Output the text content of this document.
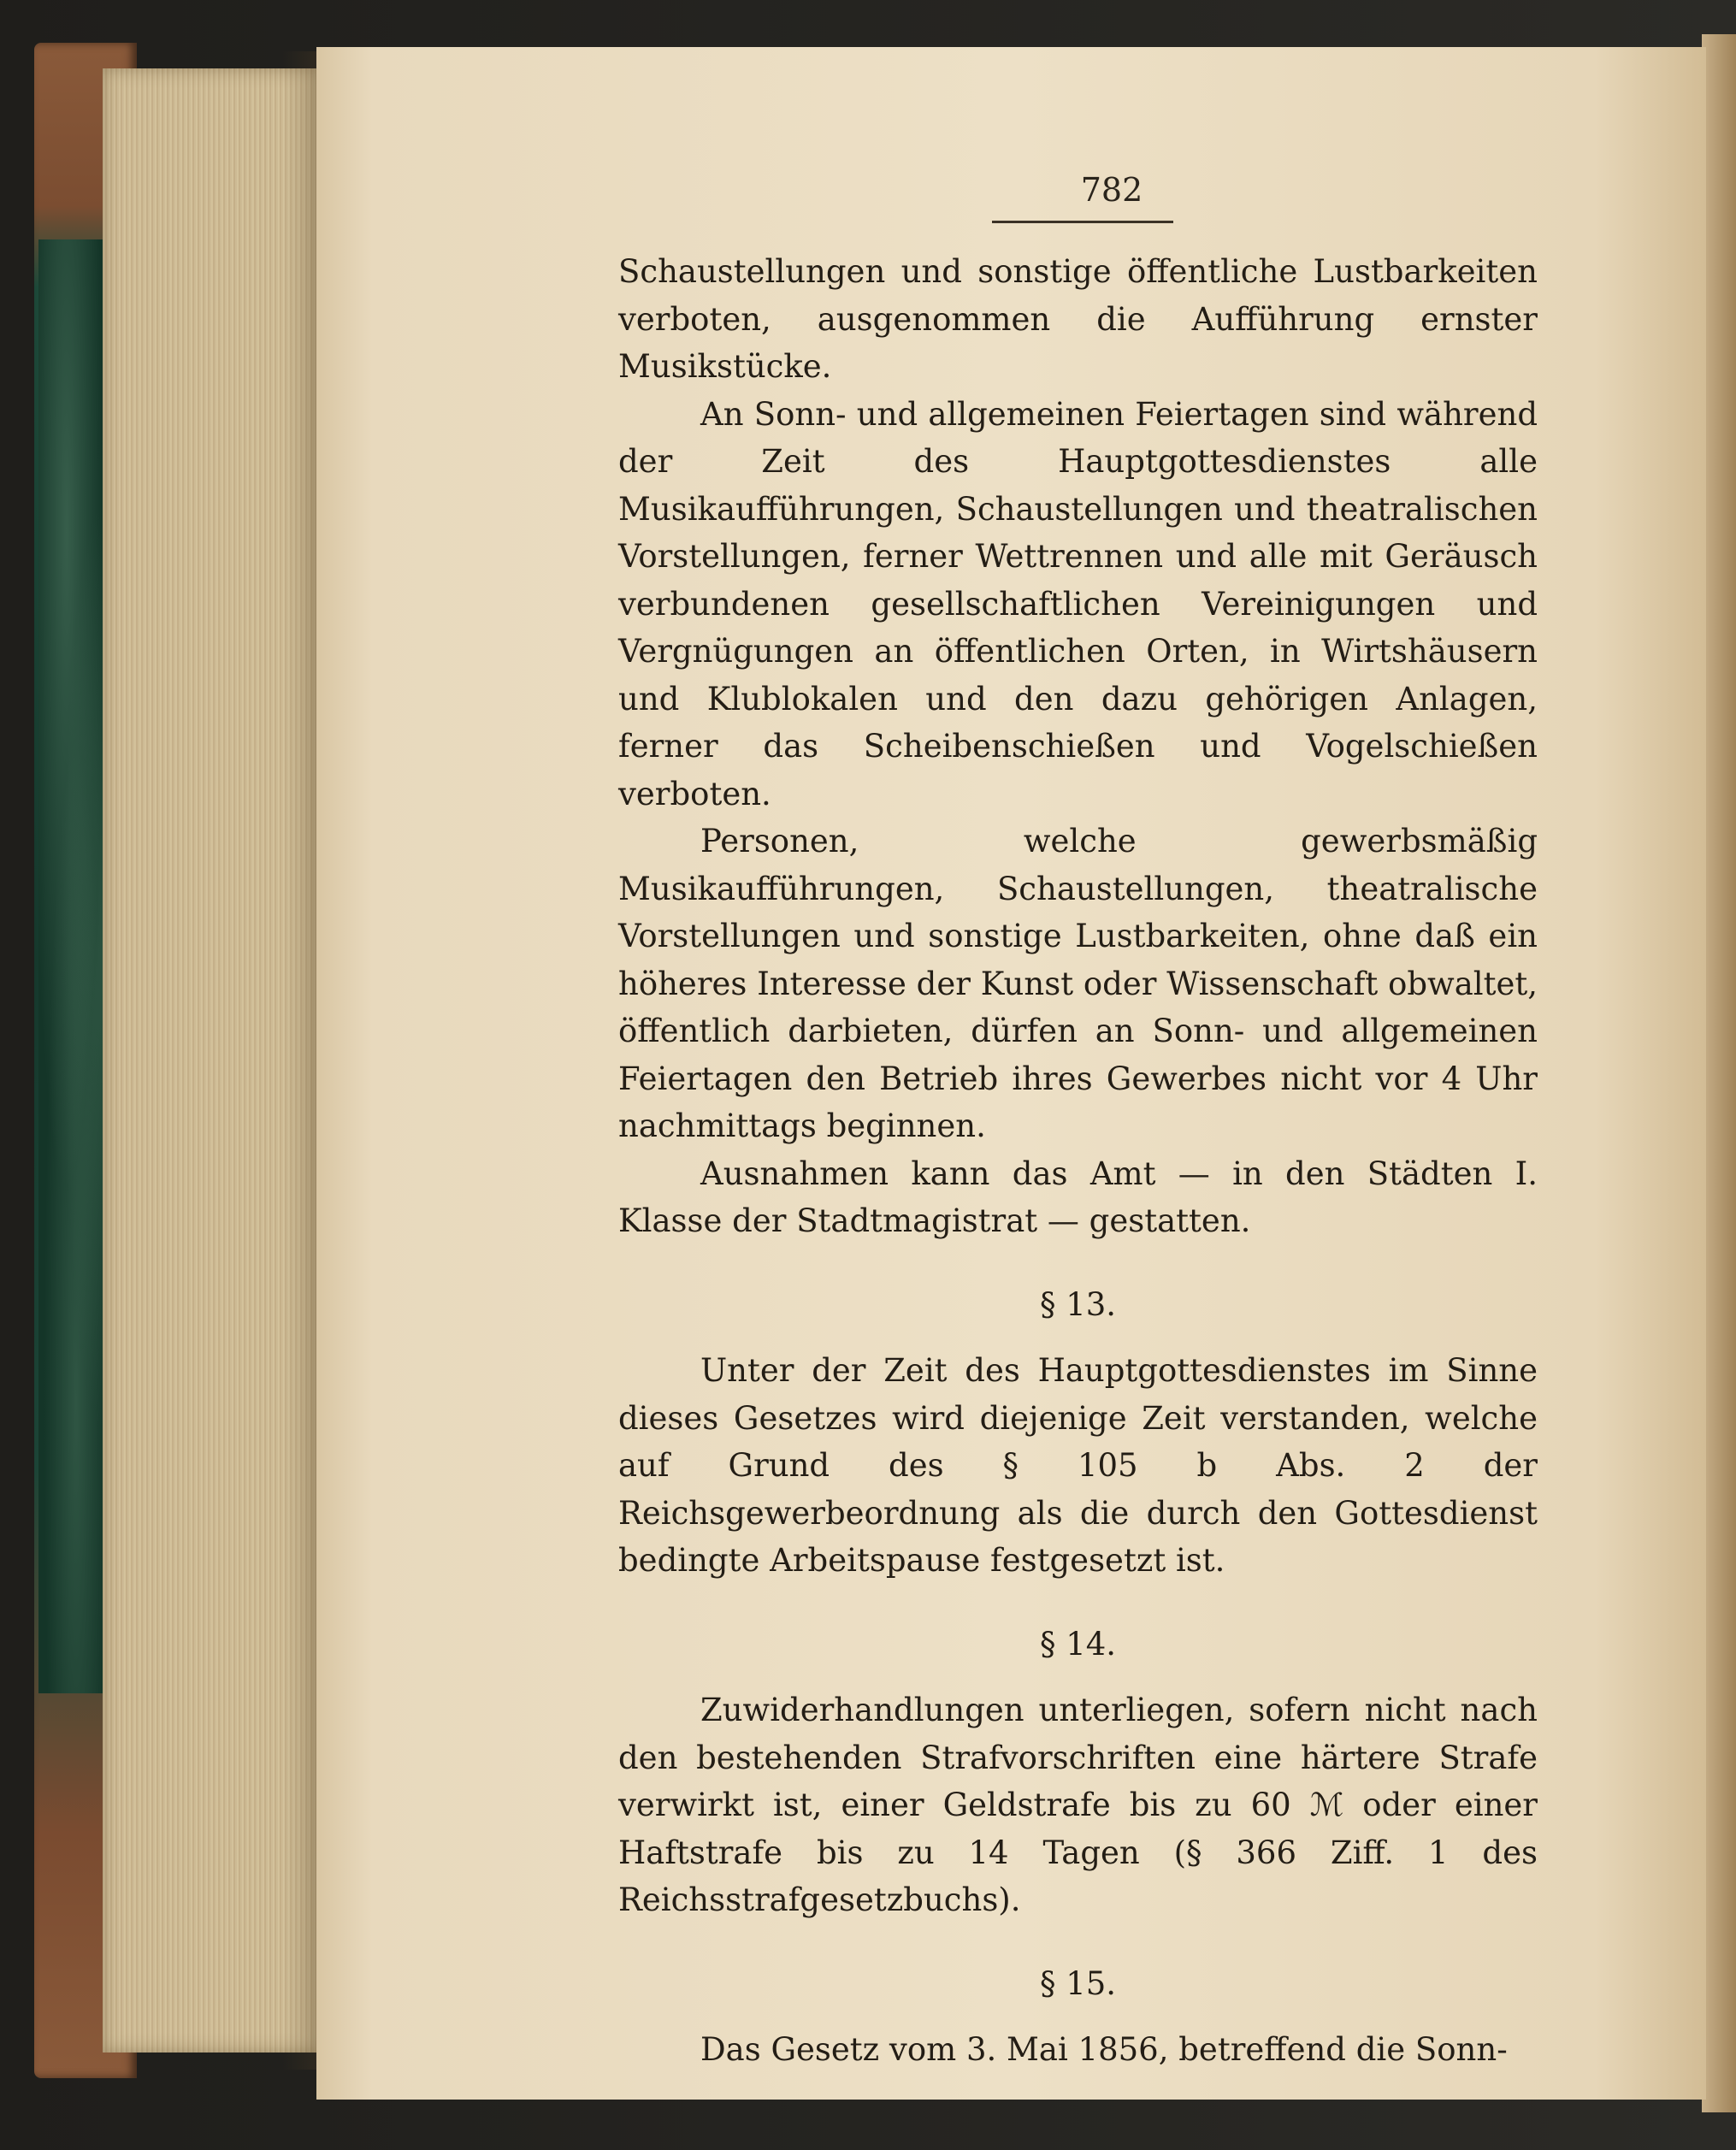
782

Schaustellungen und sonstige öffentliche Lustbarkeiten verboten, ausgenommen die Aufführung ernster Musikstücke.

An Sonn- und allgemeinen Feiertagen sind während der Zeit des Hauptgottesdienstes alle Musikaufführungen, Schaustellungen und theatralischen Vorstellungen, ferner Wettrennen und alle mit Geräusch verbundenen gesellschaftlichen Vereinigungen und Vergnügungen an öffentlichen Orten, in Wirtshäusern und Klublokalen und den dazu gehörigen Anlagen, ferner das Scheibenschießen und Vogelschießen verboten.

Personen, welche gewerbsmäßig Musikaufführungen, Schaustellungen, theatralische Vorstellungen und sonstige Lustbarkeiten, ohne daß ein höheres Interesse der Kunst oder Wissenschaft obwaltet, öffentlich darbieten, dürfen an Sonn- und allgemeinen Feiertagen den Betrieb ihres Gewerbes nicht vor 4 Uhr nachmittags beginnen.

Ausnahmen kann das Amt — in den Städten I. Klasse der Stadtmagistrat — gestatten.

§ 13.

Unter der Zeit des Hauptgottesdienstes im Sinne dieses Gesetzes wird diejenige Zeit verstanden, welche auf Grund des § 105 b Abs. 2 der Reichsgewerbeordnung als die durch den Gottesdienst bedingte Arbeitspause festgesetzt ist.

§ 14.

Zuwiderhandlungen unterliegen, sofern nicht nach den bestehenden Strafvorschriften eine härtere Strafe verwirkt ist, einer Geldstrafe bis zu 60 ℳ oder einer Haftstrafe bis zu 14 Tagen (§ 366 Ziff. 1 des Reichsstrafgesetzbuchs).

§ 15.

Das Gesetz vom 3. Mai 1856, betreffend die Sonn-
